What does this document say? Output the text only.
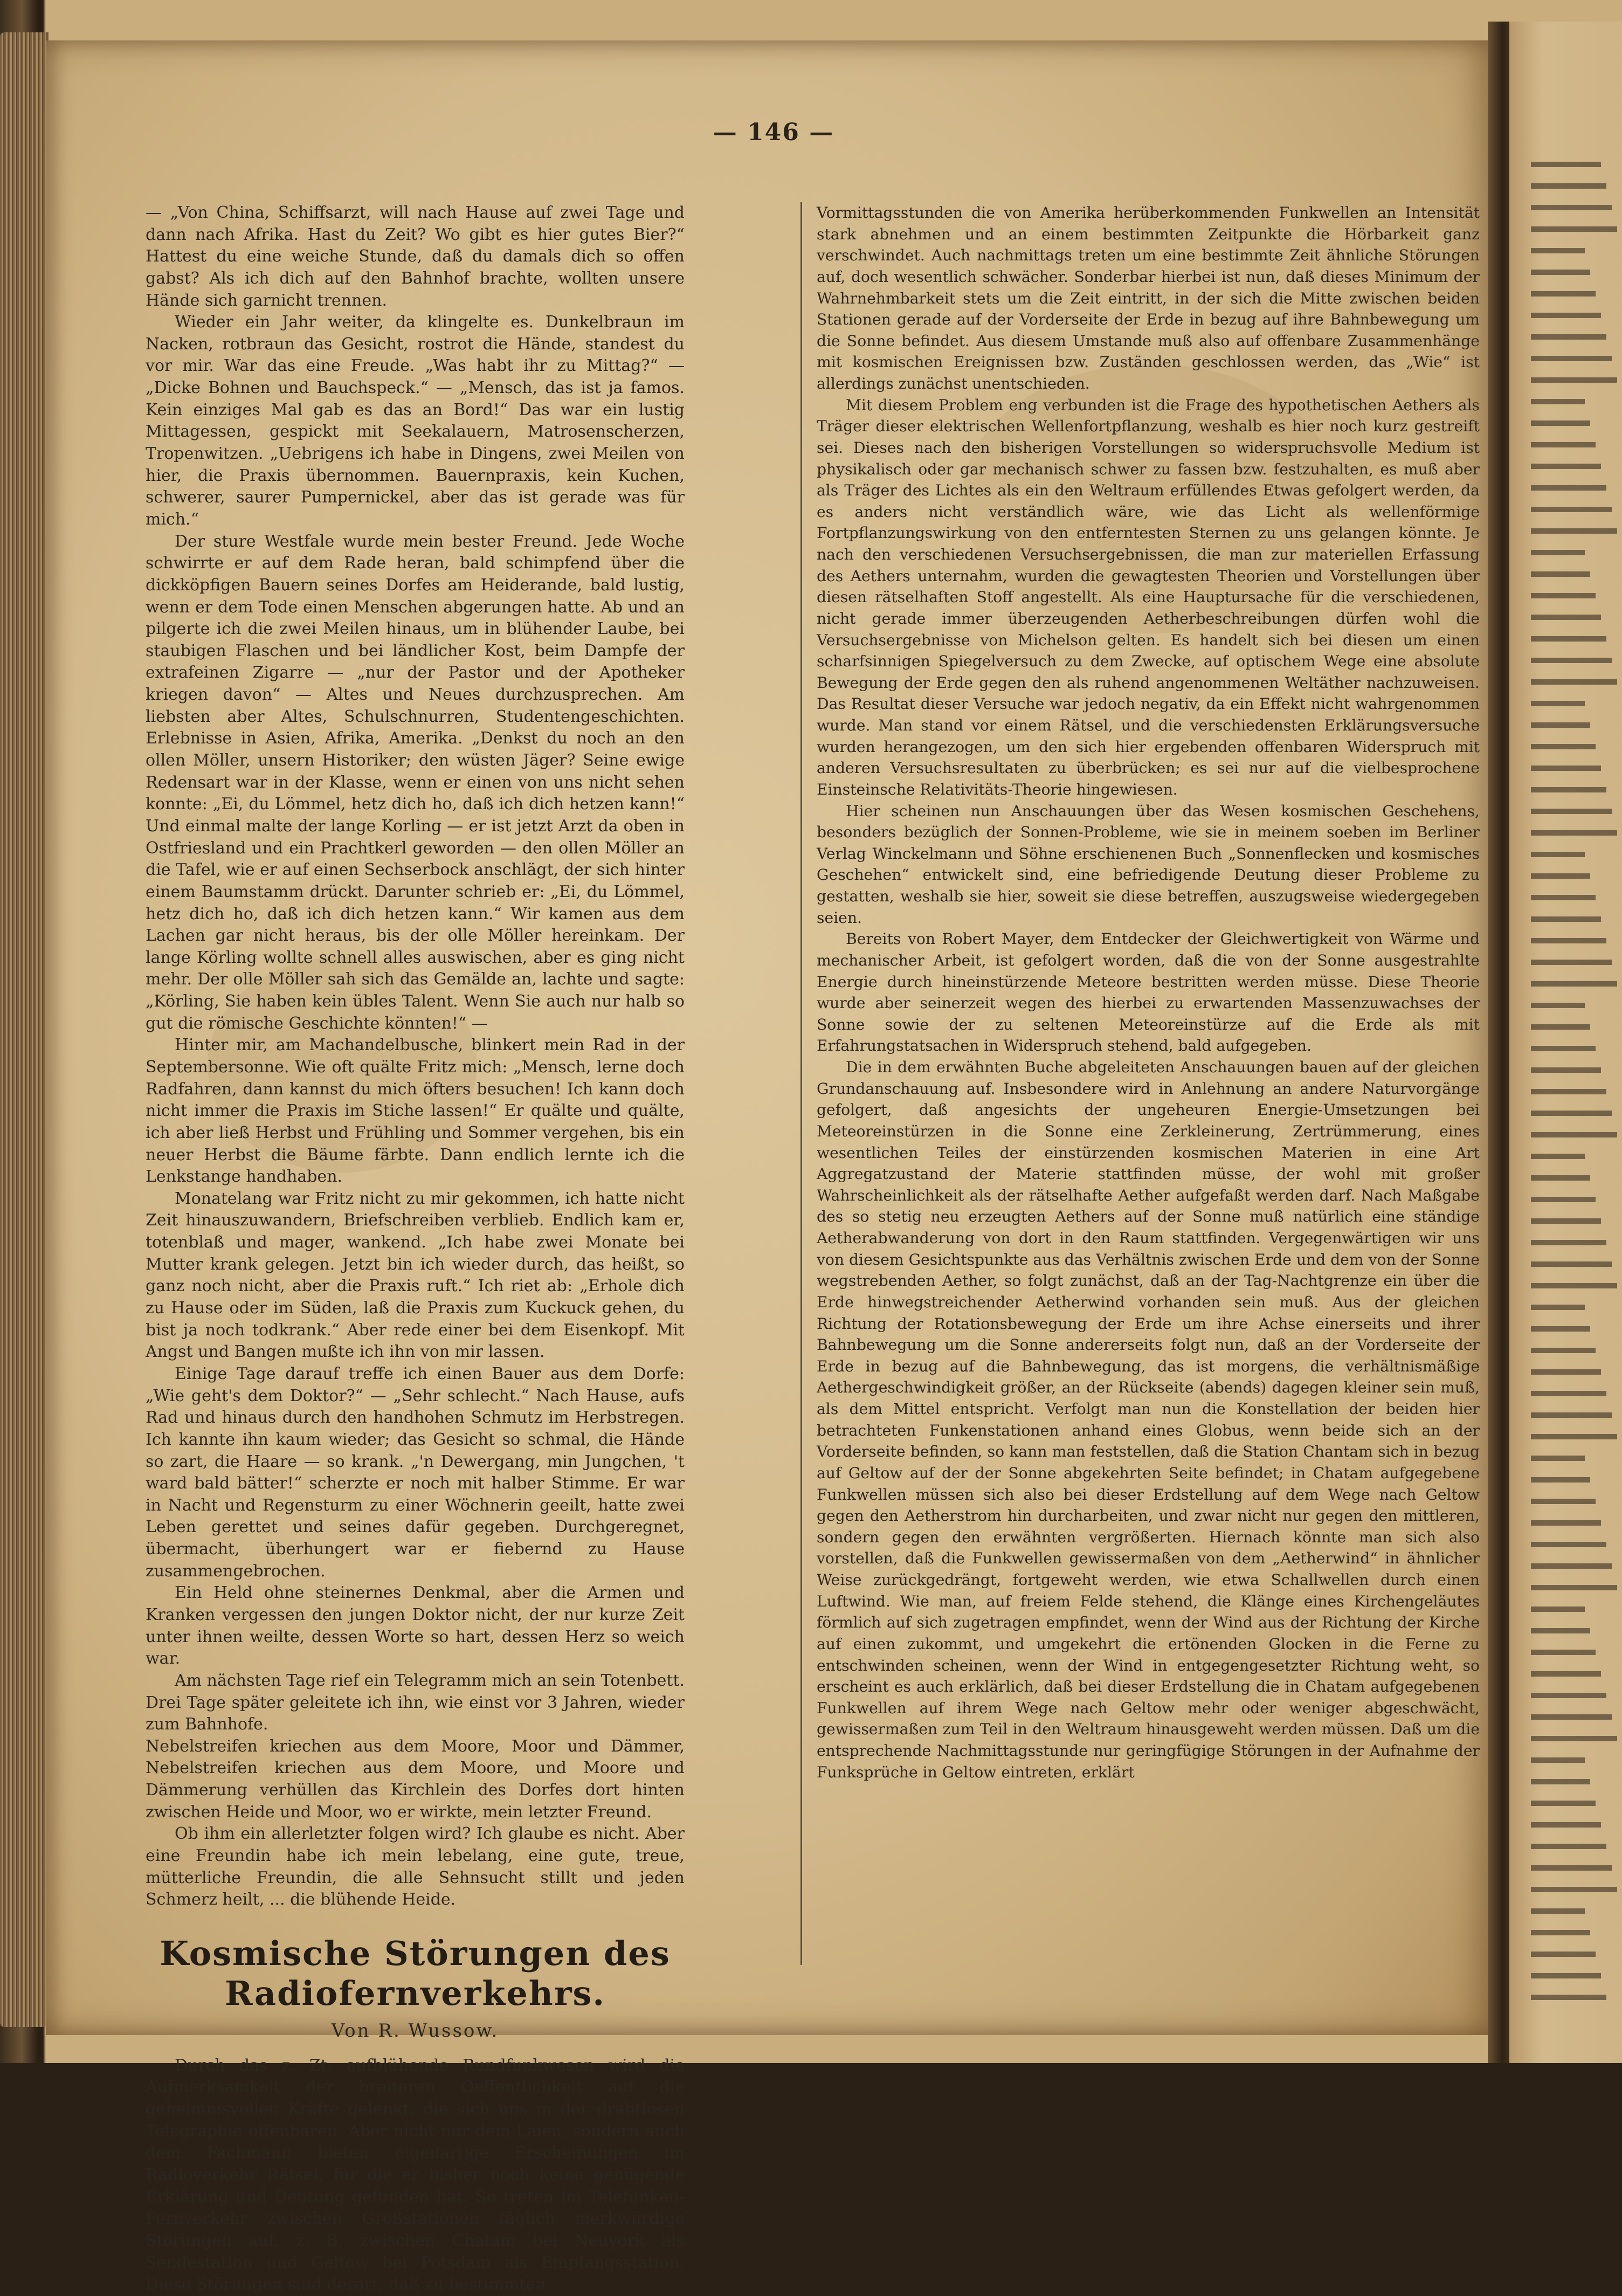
— 146 —

— „Von China, Schiffsarzt, will nach Hause auf zwei Tage und dann nach Afrika. Hast du Zeit? Wo gibt es hier gutes Bier?“ Hattest du eine weiche Stunde, daß du damals dich so offen gabst? Als ich dich auf den Bahnhof brachte, wollten unsere Hände sich garnicht trennen.

Wieder ein Jahr weiter, da klingelte es. Dunkelbraun im Nacken, rotbraun das Gesicht, rostrot die Hände, standest du vor mir. War das eine Freude. „Was habt ihr zu Mittag?“ — „Dicke Bohnen und Bauchspeck.“ — „Mensch, das ist ja famos. Kein einziges Mal gab es das an Bord!“ Das war ein lustig Mittagessen, gespickt mit Seekalauern, Matrosenscherzen, Tropenwitzen. „Uebrigens ich habe in Dingens, zwei Meilen von hier, die Praxis übernommen. Bauernpraxis, kein Kuchen, schwerer, saurer Pumpernickel, aber das ist gerade was für mich.“

Der sture Westfale wurde mein bester Freund. Jede Woche schwirrte er auf dem Rade heran, bald schimpfend über die dickköpfigen Bauern seines Dorfes am Heiderande, bald lustig, wenn er dem Tode einen Menschen abgerungen hatte. Ab und an pilgerte ich die zwei Meilen hinaus, um in blühender Laube, bei staubigen Flaschen und bei ländlicher Kost, beim Dampfe der extrafeinen Zigarre — „nur der Pastor und der Apotheker kriegen davon“ — Altes und Neues durchzusprechen. Am liebsten aber Altes, Schulschnurren, Studentengeschichten. Erlebnisse in Asien, Afrika, Amerika. „Denkst du noch an den ollen Möller, unsern Historiker; den wüsten Jäger? Seine ewige Redensart war in der Klasse, wenn er einen von uns nicht sehen konnte: „Ei, du Lömmel, hetz dich ho, daß ich dich hetzen kann!“ Und einmal malte der lange Korling — er ist jetzt Arzt da oben in Ostfriesland und ein Prachtkerl geworden — den ollen Möller an die Tafel, wie er auf einen Sechserbock anschlägt, der sich hinter einem Baumstamm drückt. Darunter schrieb er: „Ei, du Lömmel, hetz dich ho, daß ich dich hetzen kann.“ Wir kamen aus dem Lachen gar nicht heraus, bis der olle Möller hereinkam. Der lange Körling wollte schnell alles auswischen, aber es ging nicht mehr. Der olle Möller sah sich das Gemälde an, lachte und sagte: „Körling, Sie haben kein übles Talent. Wenn Sie auch nur halb so gut die römische Geschichte könnten!“ —

Hinter mir, am Machandelbusche, blinkert mein Rad in der Septembersonne. Wie oft quälte Fritz mich: „Mensch, lerne doch Radfahren, dann kannst du mich öfters besuchen! Ich kann doch nicht immer die Praxis im Stiche lassen!“ Er quälte und quälte, ich aber ließ Herbst und Frühling und Sommer vergehen, bis ein neuer Herbst die Bäume färbte. Dann endlich lernte ich die Lenkstange handhaben.

Monatelang war Fritz nicht zu mir gekommen, ich hatte nicht Zeit hinauszuwandern, Briefschreiben verblieb. Endlich kam er, totenblaß und mager, wankend. „Ich habe zwei Monate bei Mutter krank gelegen. Jetzt bin ich wieder durch, das heißt, so ganz noch nicht, aber die Praxis ruft.“ Ich riet ab: „Erhole dich zu Hause oder im Süden, laß die Praxis zum Kuckuck gehen, du bist ja noch todkrank.“ Aber rede einer bei dem Eisenkopf. Mit Angst und Bangen mußte ich ihn von mir lassen.

Einige Tage darauf treffe ich einen Bauer aus dem Dorfe: „Wie geht's dem Doktor?“ — „Sehr schlecht.“ Nach Hause, aufs Rad und hinaus durch den handhohen Schmutz im Herbstregen. Ich kannte ihn kaum wieder; das Gesicht so schmal, die Hände so zart, die Haare — so krank. „'n Dewergang, min Jungchen, 't ward bald bätter!“ scherzte er noch mit halber Stimme. Er war in Nacht und Regensturm zu einer Wöchnerin geeilt, hatte zwei Leben gerettet und seines dafür gegeben. Durchgeregnet, übermacht, überhungert war er fiebernd zu Hause zusammengebrochen.

Ein Held ohne steinernes Denkmal, aber die Armen und Kranken vergessen den jungen Doktor nicht, der nur kurze Zeit unter ihnen weilte, dessen Worte so hart, dessen Herz so weich war.

Am nächsten Tage rief ein Telegramm mich an sein Totenbett. Drei Tage später geleitete ich ihn, wie einst vor 3 Jahren, wieder zum Bahnhofe.

Nebelstreifen kriechen aus dem Moore, Moor und Dämmer, Nebelstreifen kriechen aus dem Moore, und Moore und Dämmerung verhüllen das Kirchlein des Dorfes dort hinten zwischen Heide und Moor, wo er wirkte, mein letzter Freund.

Ob ihm ein allerletzter folgen wird? Ich glaube es nicht. Aber eine Freundin habe ich mein lebelang, eine gute, treue, mütterliche Freundin, die alle Sehnsucht stillt und jeden Schmerz heilt, ... die blühende Heide.

Kosmische Störungen des Radiofernverkehrs.
Von R. Wussow.

Durch das z. Zt. aufblühende Rundfunkwesen wird die Aufmerksamkeit der breiteren Oeffentlichkeit auf die geheimnisvollen Kräfte gelenkt, die sich uns in der drahtlosen Telegraphie offenbaren. Aber nicht nur dem Laien, sondern auch dem Fachmann bieten eigenartige Erscheinungen im Radioverkehr Rätsel, für die er bisher noch keine genügende Erklärung und Deutung gefunden hat. So treten im Telefunken-Fernverkehr zwischen Großstationen täglich merkwürdige Störungen auf, z. B. zwischen Chatam bei Neuyork als Sendestation und Geltow bei Potsdam als Empfangsstation. Diese Störungen sind derart, daß zu bestimmten

Vormittagsstunden die von Amerika herüberkommenden Funkwellen an Intensität stark abnehmen und an einem bestimmten Zeitpunkte die Hörbarkeit ganz verschwindet. Auch nachmittags treten um eine bestimmte Zeit ähnliche Störungen auf, doch wesentlich schwächer. Sonderbar hierbei ist nun, daß dieses Minimum der Wahrnehmbarkeit stets um die Zeit eintritt, in der sich die Mitte zwischen beiden Stationen gerade auf der Vorderseite der Erde in bezug auf ihre Bahnbewegung um die Sonne befindet. Aus diesem Umstande muß also auf offenbare Zusammenhänge mit kosmischen Ereignissen bzw. Zuständen geschlossen werden, das „Wie“ ist allerdings zunächst unentschieden.

Mit diesem Problem eng verbunden ist die Frage des hypothetischen Aethers als Träger dieser elektrischen Wellenfortpflanzung, weshalb es hier noch kurz gestreift sei. Dieses nach den bisherigen Vorstellungen so widerspruchsvolle Medium ist physikalisch oder gar mechanisch schwer zu fassen bzw. festzuhalten, es muß aber als Träger des Lichtes als ein den Weltraum erfüllendes Etwas gefolgert werden, da es anders nicht verständlich wäre, wie das Licht als wellenförmige Fortpflanzungswirkung von den entferntesten Sternen zu uns gelangen könnte. Je nach den verschiedenen Versuchsergebnissen, die man zur materiellen Erfassung des Aethers unternahm, wurden die gewagtesten Theorien und Vorstellungen über diesen rätselhaften Stoff angestellt. Als eine Hauptursache für die verschiedenen, nicht gerade immer überzeugenden Aetherbeschreibungen dürfen wohl die Versuchsergebnisse von Michelson gelten. Es handelt sich bei diesen um einen scharfsinnigen Spiegelversuch zu dem Zwecke, auf optischem Wege eine absolute Bewegung der Erde gegen den als ruhend angenommenen Weltäther nachzuweisen. Das Resultat dieser Versuche war jedoch negativ, da ein Effekt nicht wahrgenommen wurde. Man stand vor einem Rätsel, und die verschiedensten Erklärungsversuche wurden herangezogen, um den sich hier ergebenden offenbaren Widerspruch mit anderen Versuchsresultaten zu überbrücken; es sei nur auf die vielbesprochene Einsteinsche Relativitäts-Theorie hingewiesen.

Hier scheinen nun Anschauungen über das Wesen kosmischen Geschehens, besonders bezüglich der Sonnen-Probleme, wie sie in meinem soeben im Berliner Verlag Winckelmann und Söhne erschienenen Buch „Sonnenflecken und kosmisches Geschehen“ entwickelt sind, eine befriedigende Deutung dieser Probleme zu gestatten, weshalb sie hier, soweit sie diese betreffen, auszugsweise wiedergegeben seien.

Bereits von Robert Mayer, dem Entdecker der Gleichwertigkeit von Wärme und mechanischer Arbeit, ist gefolgert worden, daß die von der Sonne ausgestrahlte Energie durch hineinstürzende Meteore bestritten werden müsse. Diese Theorie wurde aber seinerzeit wegen des hierbei zu erwartenden Massenzuwachses der Sonne sowie der zu seltenen Meteoreinstürze auf die Erde als mit Erfahrungstatsachen in Widerspruch stehend, bald aufgegeben.

Die in dem erwähnten Buche abgeleiteten Anschauungen bauen auf der gleichen Grundanschauung auf. Insbesondere wird in Anlehnung an andere Naturvorgänge gefolgert, daß angesichts der ungeheuren Energie-Umsetzungen bei Meteoreinstürzen in die Sonne eine Zerkleinerung, Zertrümmerung, eines wesentlichen Teiles der einstürzenden kosmischen Materien in eine Art Aggregatzustand der Materie stattfinden müsse, der wohl mit großer Wahrscheinlichkeit als der rätselhafte Aether aufgefaßt werden darf. Nach Maßgabe des so stetig neu erzeugten Aethers auf der Sonne muß natürlich eine ständige Aetherabwanderung von dort in den Raum stattfinden. Vergegenwärtigen wir uns von diesem Gesichtspunkte aus das Verhältnis zwischen Erde und dem von der Sonne wegstrebenden Aether, so folgt zunächst, daß an der Tag-Nachtgrenze ein über die Erde hinwegstreichender Aetherwind vorhanden sein muß. Aus der gleichen Richtung der Rotationsbewegung der Erde um ihre Achse einerseits und ihrer Bahnbewegung um die Sonne andererseits folgt nun, daß an der Vorderseite der Erde in bezug auf die Bahnbewegung, das ist morgens, die verhältnismäßige Aethergeschwindigkeit größer, an der Rückseite (abends) dagegen kleiner sein muß, als dem Mittel entspricht. Verfolgt man nun die Konstellation der beiden hier betrachteten Funkenstationen anhand eines Globus, wenn beide sich an der Vorderseite befinden, so kann man feststellen, daß die Station Chantam sich in bezug auf Geltow auf der der Sonne abgekehrten Seite befindet; in Chatam aufgegebene Funkwellen müssen sich also bei dieser Erdstellung auf dem Wege nach Geltow gegen den Aetherstrom hin durcharbeiten, und zwar nicht nur gegen den mittleren, sondern gegen den erwähnten vergrößerten. Hiernach könnte man sich also vorstellen, daß die Funkwellen gewissermaßen von dem „Aetherwind“ in ähnlicher Weise zurückgedrängt, fortgeweht werden, wie etwa Schallwellen durch einen Luftwind. Wie man, auf freiem Felde stehend, die Klänge eines Kirchengeläutes förmlich auf sich zugetragen empfindet, wenn der Wind aus der Richtung der Kirche auf einen zukommt, und umgekehrt die ertönenden Glocken in die Ferne zu entschwinden scheinen, wenn der Wind in entgegengesetzter Richtung weht, so erscheint es auch erklärlich, daß bei dieser Erdstellung die in Chatam aufgegebenen Funkwellen auf ihrem Wege nach Geltow mehr oder weniger abgeschwächt, gewissermaßen zum Teil in den Weltraum hinausgeweht werden müssen. Daß um die entsprechende Nachmittagsstunde nur geringfügige Störungen in der Aufnahme der Funksprüche in Geltow eintreten, erklärt
